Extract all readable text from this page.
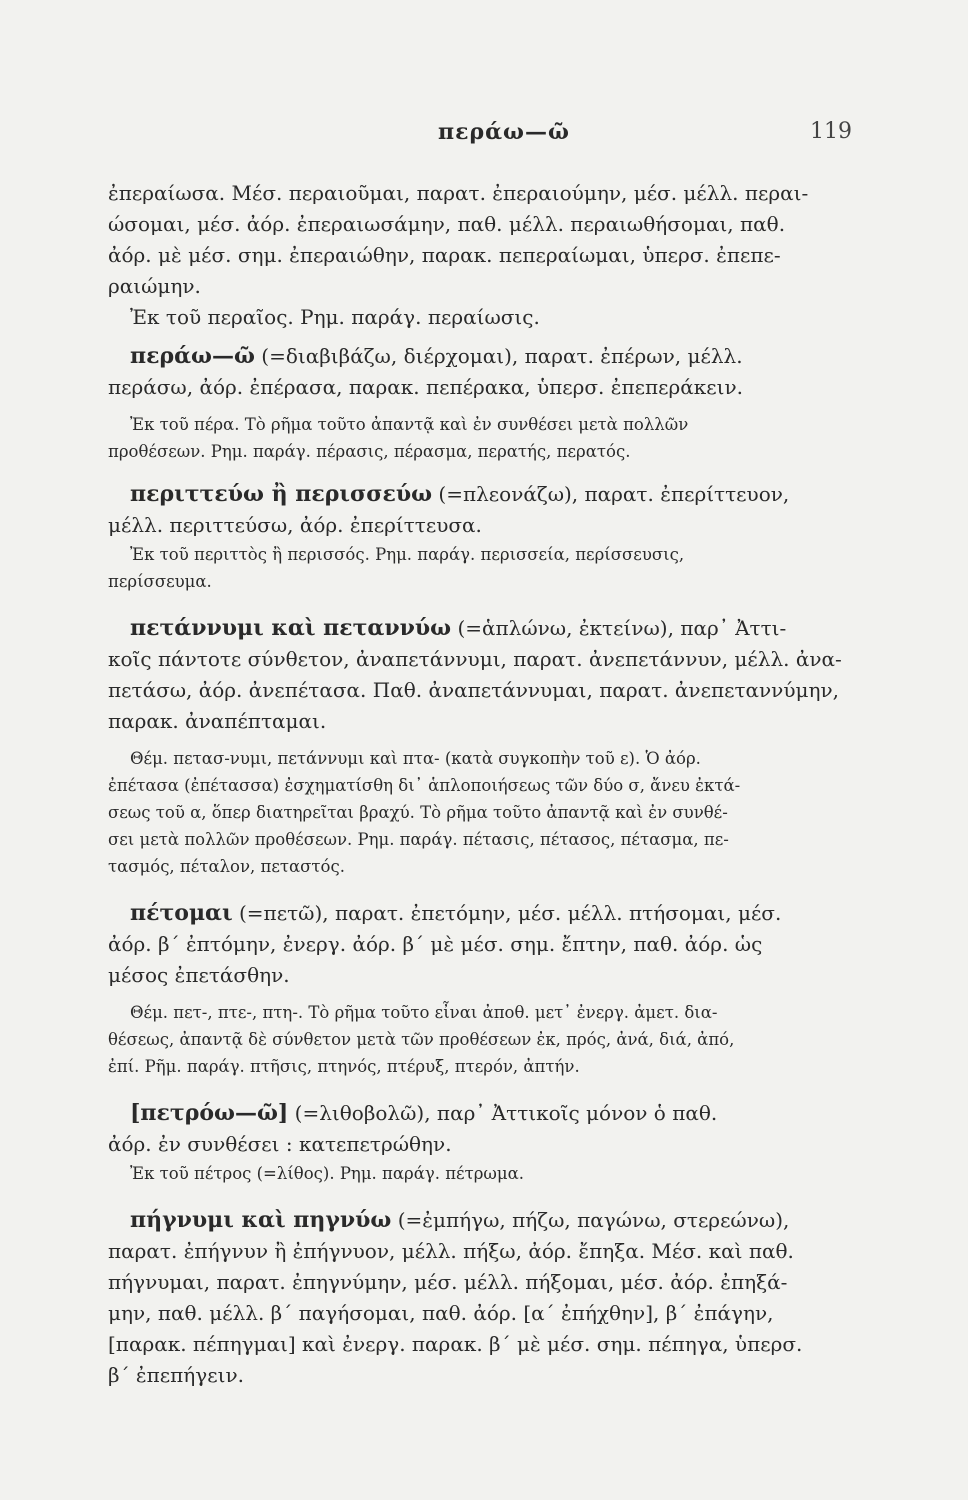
περάω—ῶ	119
ἐπεραίωσα. Μέσ. περαιοῦμαι, παρατ. ἐπεραιούμην, μέσ. μέλλ. περαι-
ώσομαι, μέσ. ἀόρ. ἐπεραιωσάμην, παθ. μέλλ. περαιωθήσομαι, παθ.
ἀόρ. μὲ μέσ. σημ. ἐπεραιώθην, παρακ. πεπεραίωμαι, ὑπερσ. ἐπεπε-
ραιώμην.
Ἐκ τοῦ περαῖος. Ρημ. παράγ. περαίωσις.
περάω—ῶ (=διαβιβάζω, διέρχομαι), παρατ. ἐπέρων, μέλλ.
περάσω, ἀόρ. ἐπέρασα, παρακ. πεπέρακα, ὑπερσ. ἐπεπεράκειν.
Ἐκ τοῦ πέρα. Τὸ ρῆμα τοῦτο ἀπαντᾷ καὶ ἐν συνθέσει μετὰ πολλῶν
προθέσεων. Ρημ. παράγ. πέρασις, πέρασμα, περατής, περατός.
περιττεύω ἢ περισσεύω (=πλεονάζω), παρατ. ἐπερίττευον,
μέλλ. περιττεύσω, ἀόρ. ἐπερίττευσα.
Ἐκ τοῦ περιττὸς ἢ περισσός. Ρημ. παράγ. περισσεία, περίσσευσις,
περίσσευμα.
πετάννυμι καὶ πεταννύω (=ἁπλώνω, ἐκτείνω), παρ᾽ Ἀττι-
κοῖς πάντοτε σύνθετον, ἀναπετάννυμι, παρατ. ἀνεπετάννυν, μέλλ. ἀνα-
πετάσω, ἀόρ. ἀνεπέτασα. Παθ. ἀναπετάννυμαι, παρατ. ἀνεπεταννύμην,
παρακ. ἀναπέπταμαι.
Θέμ. πετασ-νυμι, πετάννυμι καὶ πτα- (κατὰ συγκοπὴν τοῦ ε). Ὁ ἀόρ.
ἐπέτασα (ἐπέτασσα) ἐσχηματίσθη δι᾽ ἁπλοποιήσεως τῶν δύο σ, ἄνευ ἐκτά-
σεως τοῦ α, ὅπερ διατηρεῖται βραχύ. Τὸ ρῆμα τοῦτο ἀπαντᾷ καὶ ἐν συνθέ-
σει μετὰ πολλῶν προθέσεων. Ρημ. παράγ. πέτασις, πέτασος, πέτασμα, πε-
τασμός, πέταλον, πεταστός.
πέτομαι (=πετῶ), παρατ. ἐπετόμην, μέσ. μέλλ. πτήσομαι, μέσ.
ἀόρ. β΄ ἐπτόμην, ἐνεργ. ἀόρ. β΄ μὲ μέσ. σημ. ἔπτην, παθ. ἀόρ. ὡς
μέσος ἐπετάσθην.
Θέμ. πετ-, πτε-, πτη-. Τὸ ρῆμα τοῦτο εἶναι ἀποθ. μετ᾽ ἐνεργ. ἀμετ. δια-
θέσεως, ἀπαντᾷ δὲ σύνθετον μετὰ τῶν προθέσεων ἐκ, πρός, ἀνά, διά, ἀπό,
ἐπί. Ρῆμ. παράγ. πτῆσις, πτηνός, πτέρυξ, πτερόν, ἀπτήν.
[πετρόω—ῶ] (=λιθοβολῶ), παρ᾽ Ἀττικοῖς μόνον ὁ παθ.
ἀόρ. ἐν συνθέσει : κατεπετρώθην.
Ἐκ τοῦ πέτρος (=λίθος). Ρημ. παράγ. πέτρωμα.
πήγνυμι καὶ πηγνύω (=ἐμπήγω, πήζω, παγώνω, στερεώνω),
παρατ. ἐπήγνυν ἢ ἐπήγνυον, μέλλ. πήξω, ἀόρ. ἔπηξα. Μέσ. καὶ παθ.
πήγνυμαι, παρατ. ἐπηγνύμην, μέσ. μέλλ. πήξομαι, μέσ. ἀόρ. ἐπηξά-
μην, παθ. μέλλ. β΄ παγήσομαι, παθ. ἀόρ. [α΄ ἐπήχθην], β΄ ἐπάγην,
[παρακ. πέπηγμαι] καὶ ἐνεργ. παρακ. β΄ μὲ μέσ. σημ. πέπηγα, ὑπερσ.
β΄ ἐπεπήγειν.
